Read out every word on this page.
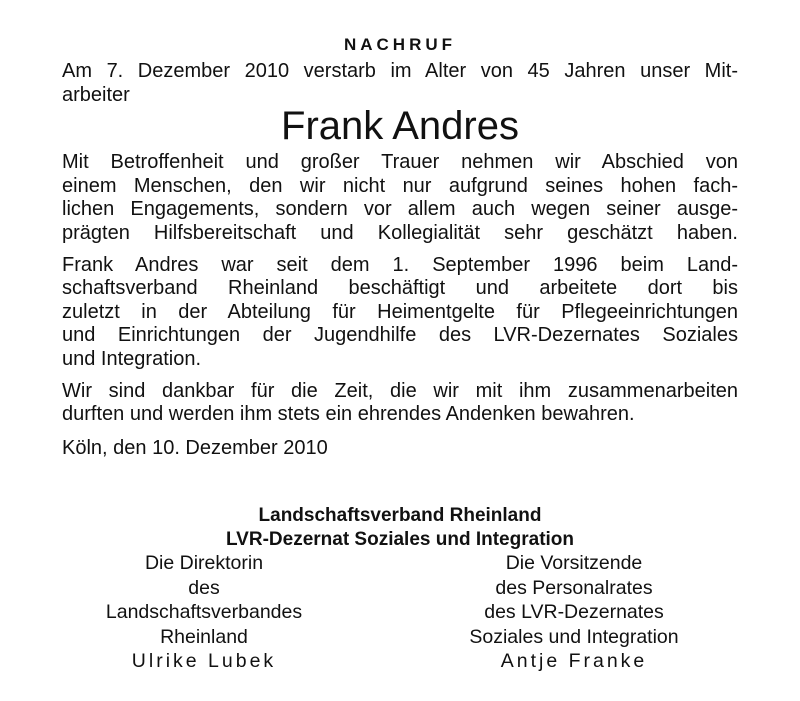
NACHRUF
Am 7. Dezember 2010 verstarb im Alter von 45 Jahren unser Mit-
arbeiter
Frank Andres
Mit Betroffenheit und großer Trauer nehmen wir Abschied von
einem Menschen, den wir nicht nur aufgrund seines hohen fach-
lichen Engagements, sondern vor allem auch wegen seiner ausge-
prägten Hilfsbereitschaft und Kollegialität sehr geschätzt haben.
Frank Andres war seit dem 1. September 1996 beim Land-
schaftsverband Rheinland beschäftigt und arbeitete dort bis
zuletzt in der Abteilung für Heimentgelte für Pflegeeinrichtungen
und Einrichtungen der Jugendhilfe des LVR-Dezernates Soziales
und Integration.
Wir sind dankbar für die Zeit, die wir mit ihm zusammenarbeiten
durften und werden ihm stets ein ehrendes Andenken bewahren.
Köln, den 10. Dezember 2010
Landschaftsverband Rheinland
LVR-Dezernat Soziales und Integration
Die Direktorin
des
Landschaftsverbandes
Rheinland
Ulrike Lubek
Die Vorsitzende
des Personalrates
des LVR-Dezernates
Soziales und Integration
Antje Franke
